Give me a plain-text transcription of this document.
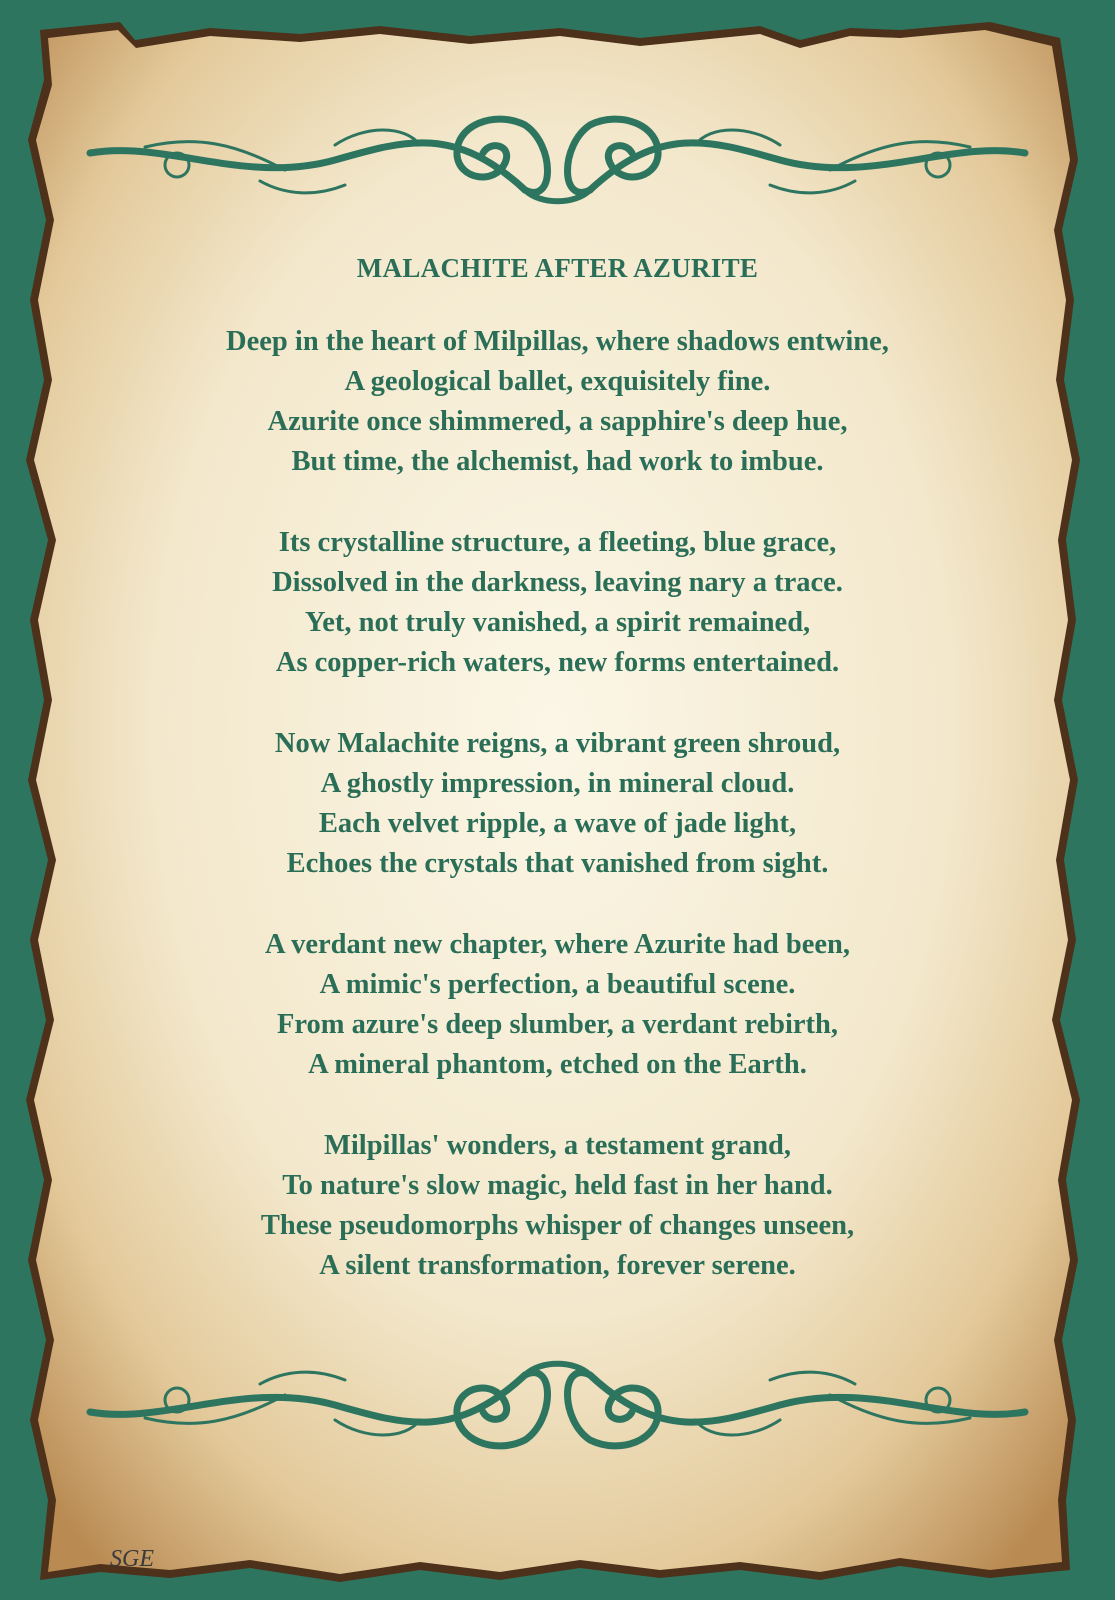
MALACHITE AFTER AZURITE
Deep in the heart of Milpillas, where shadows entwine,
A geological ballet, exquisitely fine.
Azurite once shimmered, a sapphire's deep hue,
But time, the alchemist, had work to imbue.
Its crystalline structure, a fleeting, blue grace,
Dissolved in the darkness, leaving nary a trace.
Yet, not truly vanished, a spirit remained,
As copper-rich waters, new forms entertained.
Now Malachite reigns, a vibrant green shroud,
A ghostly impression, in mineral cloud.
Each velvet ripple, a wave of jade light,
Echoes the crystals that vanished from sight.
A verdant new chapter, where Azurite had been,
A mimic's perfection, a beautiful scene.
From azure's deep slumber, a verdant rebirth,
A mineral phantom, etched on the Earth.
Milpillas' wonders, a testament grand,
To nature's slow magic, held fast in her hand.
These pseudomorphs whisper of changes unseen,
A silent transformation, forever serene.
SGE
